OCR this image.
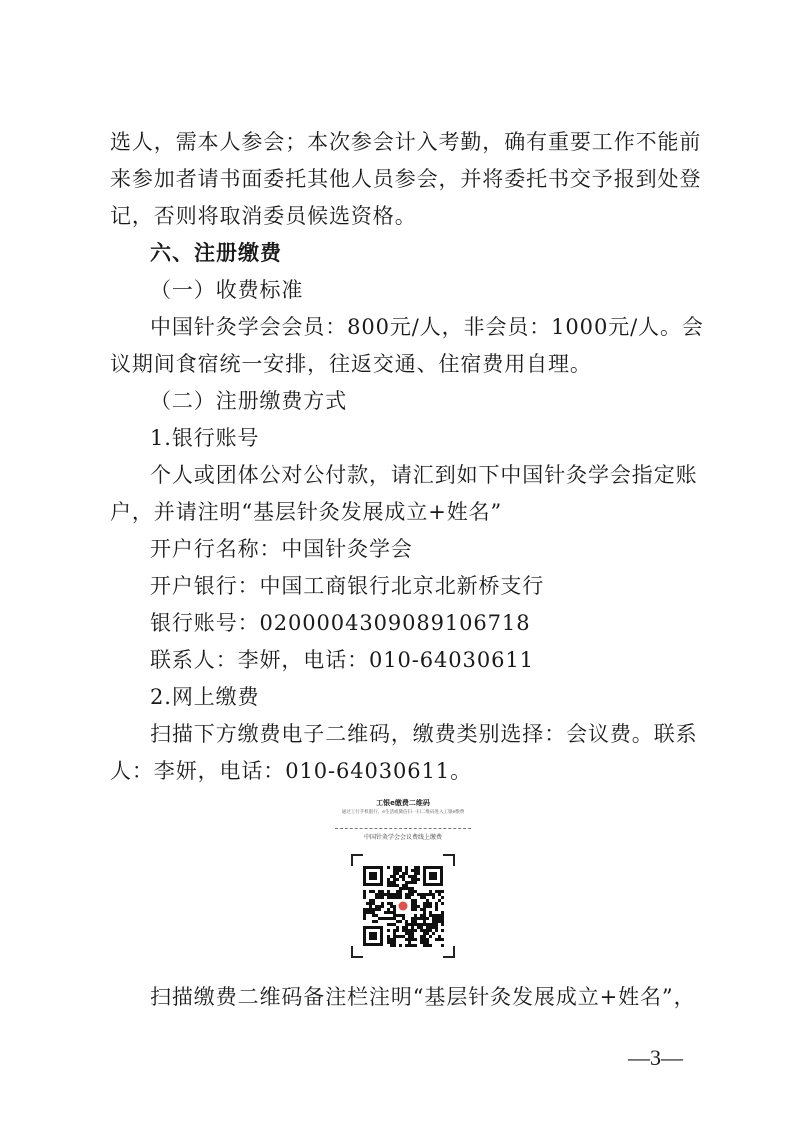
选人，需本人参会；本次参会计入考勤，确有重要工作不能前
来参加者请书面委托其他人员参会，并将委托书交予报到处登
记，否则将取消委员候选资格。
六、注册缴费
（一）收费标准
中国针灸学会会员：800元/人，非会员：1000元/人。会
议期间食宿统一安排，往返交通、住宿费用自理。
（二）注册缴费方式
1.银行账号
个人或团体公对公付款，请汇到如下中国针灸学会指定账
户，并请注明“基层针灸发展成立+姓名”
开户行名称：中国针灸学会
开户银行：中国工商银行北京北新桥支行
银行账号：0200004309089106718
联系人：李妍，电话：010-64030611
2.网上缴费
扫描下方缴费电子二维码，缴费类别选择：会议费。联系
人：李妍，电话：010-64030611。
工银e缴费二维码
通过工行手机银行、e生活或微信扫一扫二维码进入工银e缴费
中国针灸学会会议费线上缴费
扫描缴费二维码备注栏注明“基层针灸发展成立+姓名”，
—3—
